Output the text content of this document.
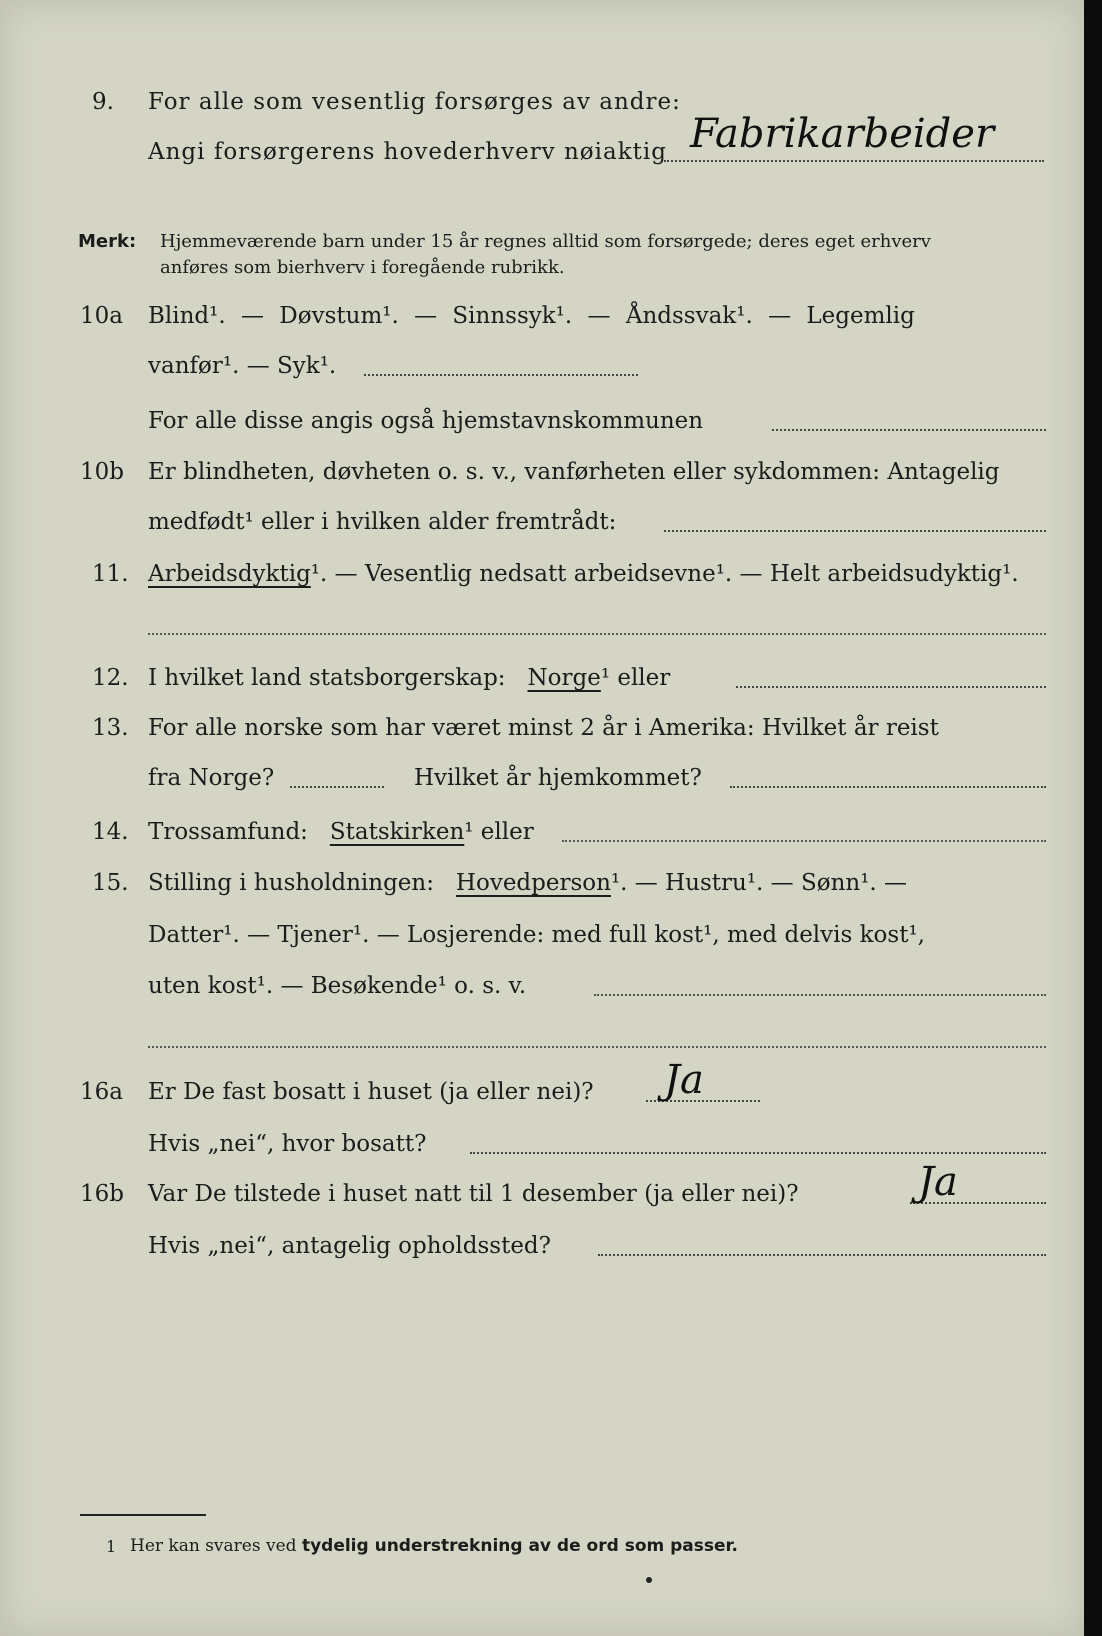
9. For alle som vesentlig forsørges av andre:
Angi forsørgerens hovederhverv nøiaktig Fabrikarbeider
Merk: Hjemmeværende barn under 15 år regnes alltid som forsørgede; deres eget erhverv
anføres som bierhverv i foregående rubrikk.
10a Blind¹. — Døvstum¹. — Sinnssyk¹. — Åndssvak¹. — Legemlig
vanfør¹. — Syk¹.
For alle disse angis også hjemstavnskommunen
10b Er blindheten, døvheten o. s. v., vanførheten eller sykdommen: Antagelig
medfødt¹ eller i hvilken alder fremtrådt:
11. Arbeidsdyktig¹. — Vesentlig nedsatt arbeidsevne¹. — Helt arbeidsudyktig¹.
12. I hvilket land statsborgerskap: Norge¹ eller
13. For alle norske som har været minst 2 år i Amerika: Hvilket år reist
fra Norge?	Hvilket år hjemkommet?
14. Trossamfund: Statskirken¹ eller
15. Stilling i husholdningen: Hovedperson¹. — Hustru¹. — Sønn¹. —
Datter¹. — Tjener¹. — Losjerende: med full kost¹, med delvis kost¹,
uten kost¹. — Besøkende¹ o. s. v.
16a Er De fast bosatt i huset (ja eller nei)? Ja
Hvis „nei“, hvor bosatt?
16b Var De tilstede i huset natt til 1 desember (ja eller nei)?	Ja
Hvis „nei“, antagelig opholdssted?
1 Her kan svares ved tydelig understrekning av de ord som passer.
